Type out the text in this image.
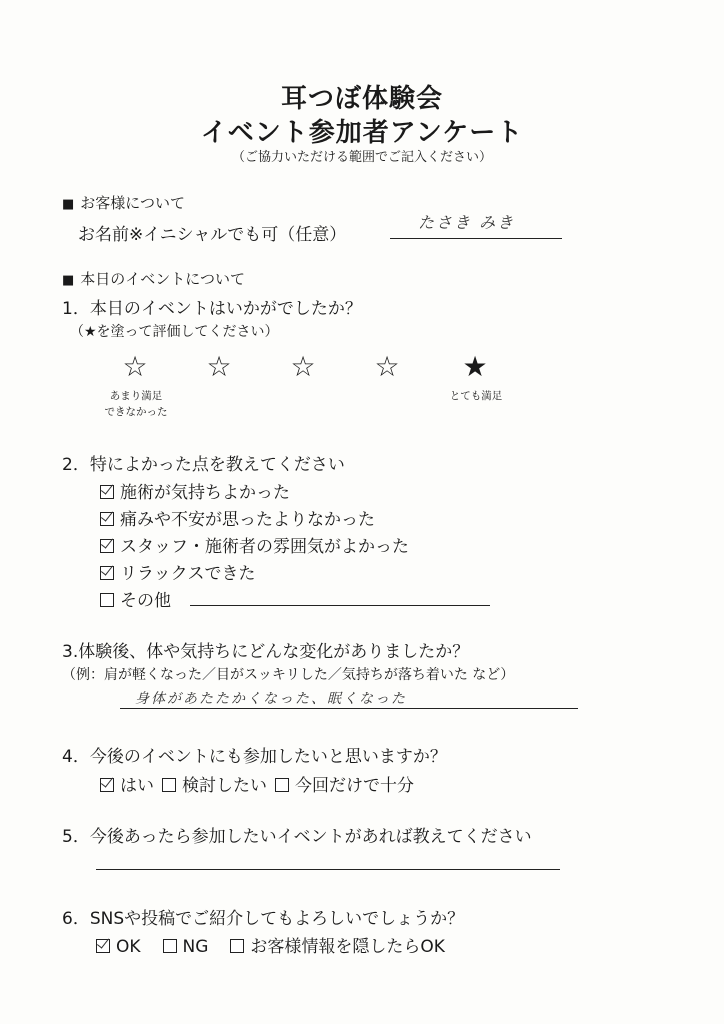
耳つぼ体験会
イベント参加者アンケート
（ご協力いただける範囲でご記入ください）
■ お客様について
お名前※イニシャルでも可（任意）
たさき みき
■ 本日のイベントについて
1．本日のイベントはいかがでしたか？
（★を塗って評価してください）
☆ ☆ ☆ ☆ ★
あまり満足
できなかった
とても満足
2．特によかった点を教えてください
施術が気持ちよかった
痛みや不安が思ったよりなかった
スタッフ・施術者の雰囲気がよかった
リラックスできた
その他
3.体験後、体や気持ちにどんな変化がありましたか？
（例：肩が軽くなった／目がスッキリした／気持ちが落ち着いた など）
身体があたたかくなった、眠くなった
4．今後のイベントにも参加したいと思いますか？
はい 検討したい 今回だけで十分
5．今後あったら参加したいイベントがあれば教えてください
6．SNSや投稿でご紹介してもよろしいでしょうか？
OK NG お客様情報を隠したらOK
